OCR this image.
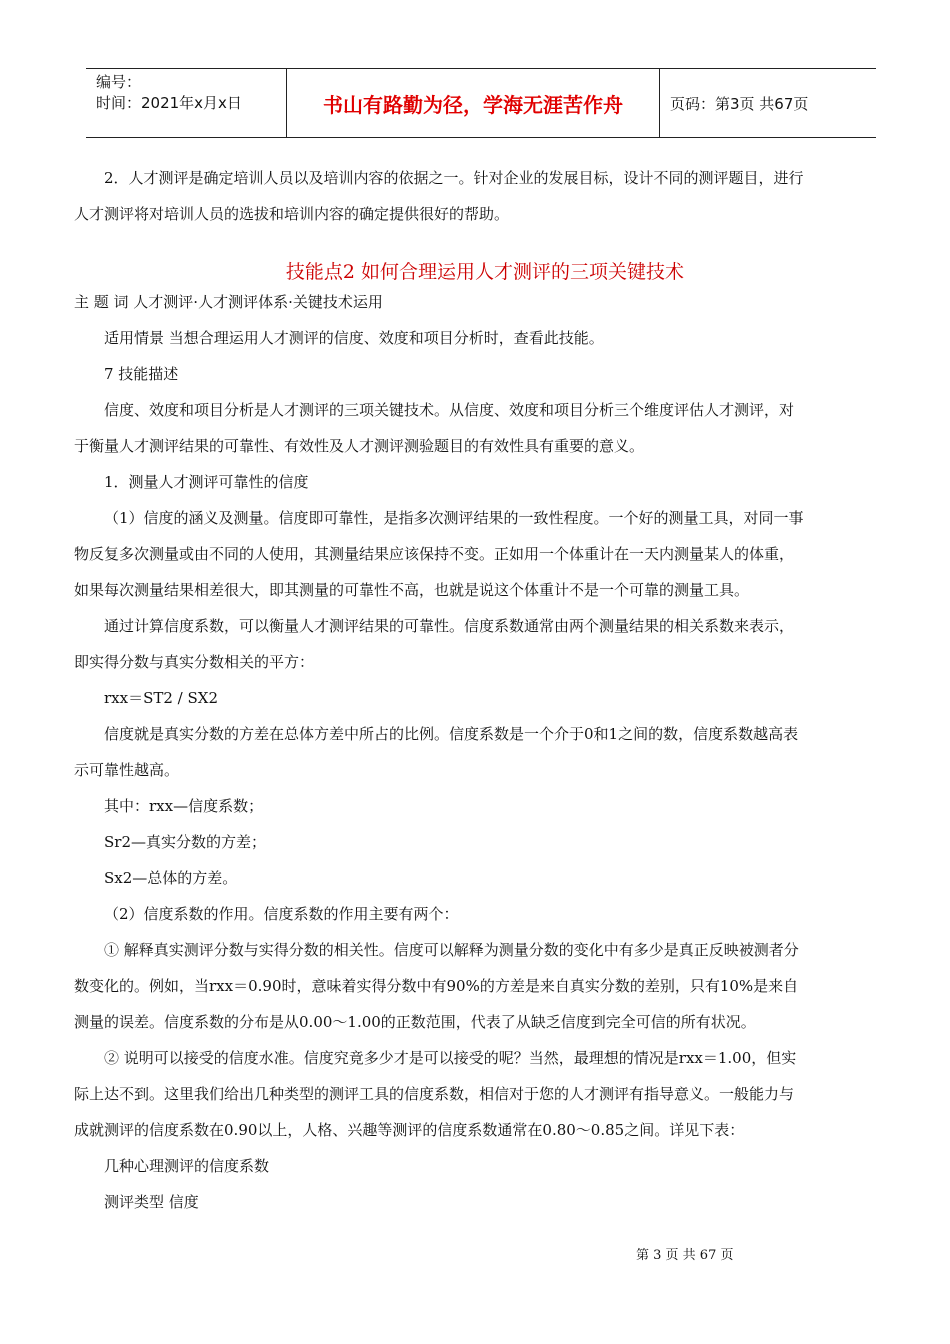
编号：
时间：2021年x月x日	书山有路勤为径，学海无涯苦作舟	页码：第3页 共67页

2．人才测评是确定培训人员以及培训内容的依据之一。针对企业的发展目标，设计不同的测评题目，进行

人才测评将对培训人员的选拔和培训内容的确定提供很好的帮助。

技能点2 如何合理运用人才测评的三项关键技术

主 题 词 人才测评·人才测评体系·关键技术运用

适用情景 当想合理运用人才测评的信度、效度和项目分析时，查看此技能。

7 技能描述

信度、效度和项目分析是人才测评的三项关键技术。从信度、效度和项目分析三个维度评估人才测评，对

于衡量人才测评结果的可靠性、有效性及人才测评测验题目的有效性具有重要的意义。

1．测量人才测评可靠性的信度

（1）信度的涵义及测量。信度即可靠性，是指多次测评结果的一致性程度。一个好的测量工具，对同一事

物反复多次测量或由不同的人使用，其测量结果应该保持不变。正如用一个体重计在一天内测量某人的体重，

如果每次测量结果相差很大，即其测量的可靠性不高，也就是说这个体重计不是一个可靠的测量工具。

通过计算信度系数，可以衡量人才测评结果的可靠性。信度系数通常由两个测量结果的相关系数来表示，

即实得分数与真实分数相关的平方：

rxx＝ST2 / SX2

信度就是真实分数的方差在总体方差中所占的比例。信度系数是一个介于0和1之间的数，信度系数越高表

示可靠性越高。

其中：rxx—信度系数；

Sr2—真实分数的方差；

Sx2—总体的方差。

（2）信度系数的作用。信度系数的作用主要有两个：

① 解释真实测评分数与实得分数的相关性。信度可以解释为测量分数的变化中有多少是真正反映被测者分

数变化的。例如，当rxx＝0.90时，意味着实得分数中有90%的方差是来自真实分数的差别，只有10%是来自

测量的误差。信度系数的分布是从0.00～1.00的正数范围，代表了从缺乏信度到完全可信的所有状况。

② 说明可以接受的信度水准。信度究竟多少才是可以接受的呢？当然，最理想的情况是rxx＝1.00，但实

际上达不到。这里我们给出几种类型的测评工具的信度系数，相信对于您的人才测评有指导意义。一般能力与

成就测评的信度系数在0.90以上，人格、兴趣等测评的信度系数通常在0.80～0.85之间。详见下表：

几种心理测评的信度系数

测评类型 信度

第 3 页 共 67 页
